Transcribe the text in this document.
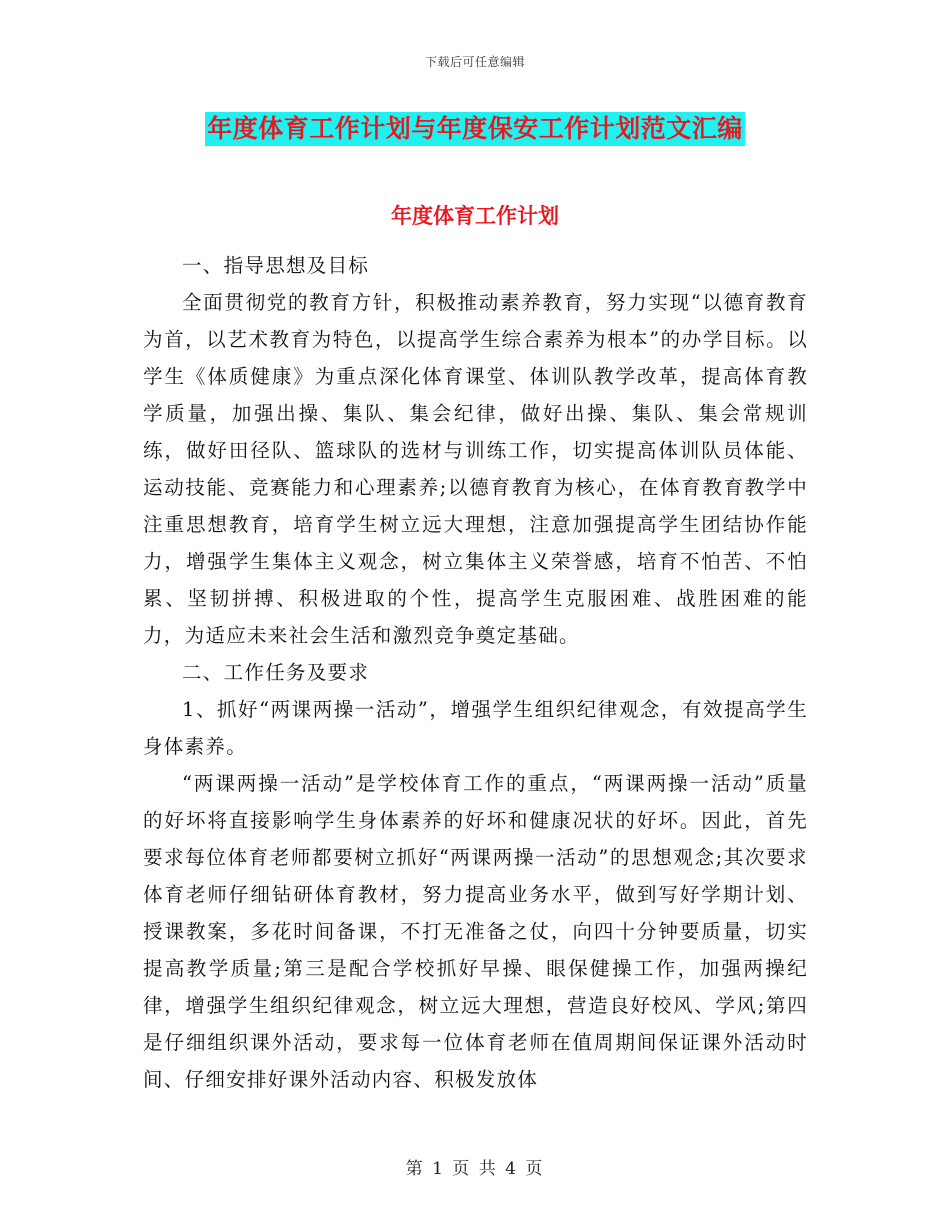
下载后可任意编辑
年度体育工作计划与年度保安工作计划范文汇编
年度体育工作计划

一、指导思想及目标

全面贯彻党的教育方针，积极推动素养教育，努力实现“以德育教育为首，以艺术教育为特色，以提高学生综合素养为根本”的办学目标。以学生《体质健康》为重点深化体育课堂、体训队教学改革，提高体育教学质量，加强出操、集队、集会纪律，做好出操、集队、集会常规训练，做好田径队、篮球队的选材与训练工作，切实提高体训队员体能、运动技能、竞赛能力和心理素养;以德育教育为核心，在体育教育教学中注重思想教育，培育学生树立远大理想，注意加强提高学生团结协作能力，增强学生集体主义观念，树立集体主义荣誉感，培育不怕苦、不怕累、坚韧拼搏、积极进取的个性，提高学生克服困难、战胜困难的能力，为适应未来社会生活和激烈竞争奠定基础。

二、工作任务及要求

1、抓好“两课两操一活动”，增强学生组织纪律观念，有效提高学生身体素养。

“两课两操一活动”是学校体育工作的重点，“两课两操一活动”质量的好坏将直接影响学生身体素养的好坏和健康况状的好坏。因此，首先要求每位体育老师都要树立抓好“两课两操一活动”的思想观念;其次要求体育老师仔细钻研体育教材，努力提高业务水平，做到写好学期计划、授课教案，多花时间备课，不打无准备之仗，向四十分钟要质量，切实提高教学质量;第三是配合学校抓好早操、眼保健操工作，加强两操纪律，增强学生组织纪律观念，树立远大理想，营造良好校风、学风;第四是仔细组织课外活动，要求每一位体育老师在值周期间保证课外活动时间、仔细安排好课外活动内容、积极发放体

第 1 页 共 4 页
